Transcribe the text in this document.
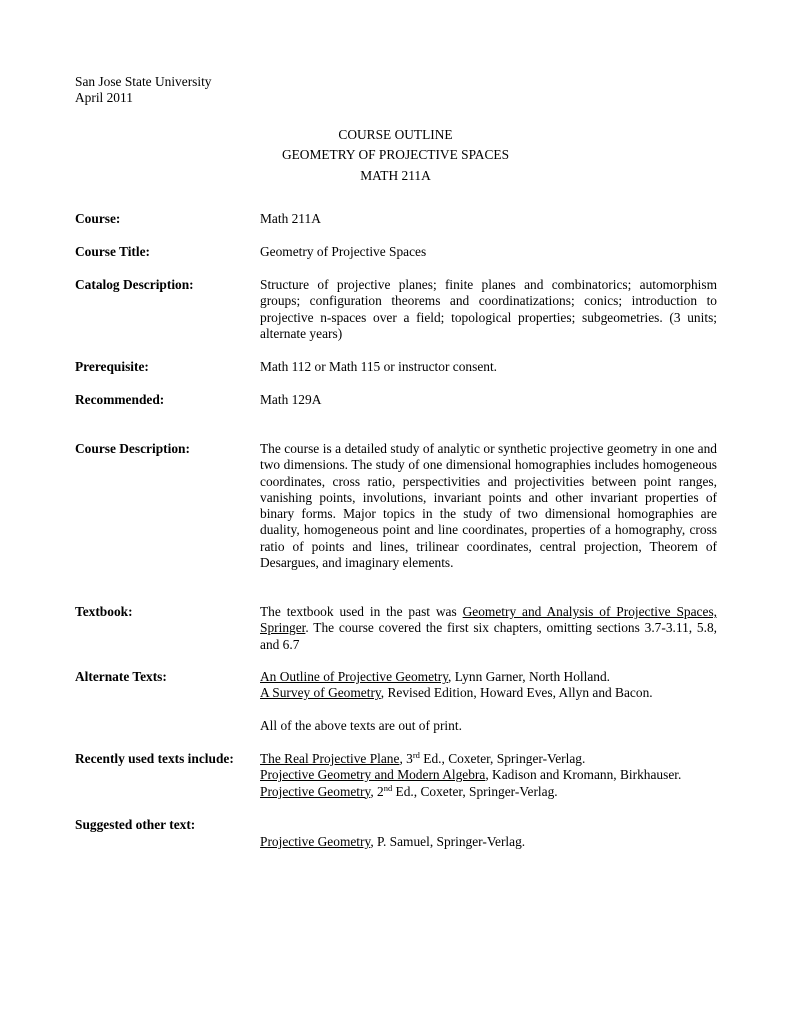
San Jose State University
April 2011
COURSE OUTLINE
GEOMETRY OF PROJECTIVE SPACES
MATH 211A
Course:	Math 211A
Course Title:	Geometry of Projective Spaces
Catalog Description:	Structure of projective planes; finite planes and combinatorics; automorphism groups; configuration theorems and coordinatizations; conics; introduction to projective n-spaces over a field; topological properties; subgeometries. (3 units; alternate years)
Prerequisite:	Math 112 or Math 115 or instructor consent.
Recommended:	Math 129A
Course Description:	The course is a detailed study of analytic or synthetic projective geometry in one and two dimensions. The study of one dimensional homographies includes homogeneous coordinates, cross ratio, perspectivities and projectivities between point ranges, vanishing points, involutions, invariant points and other invariant properties of binary forms. Major topics in the study of two dimensional homographies are duality, homogeneous point and line coordinates, properties of a homography, cross ratio of points and lines, trilinear coordinates, central projection, Theorem of Desargues, and imaginary elements.
Textbook:	The textbook used in the past was Geometry and Analysis of Projective Spaces, Springer. The course covered the first six chapters, omitting sections 3.7-3.11, 5.8, and 6.7
Alternate Texts:	An Outline of Projective Geometry, Lynn Garner, North Holland.
A Survey of Geometry, Revised Edition, Howard Eves, Allyn and Bacon.
All of the above texts are out of print.
Recently used texts include: The Real Projective Plane, 3rd Ed., Coxeter, Springer-Verlag.
Projective Geometry and Modern Algebra, Kadison and Kromann, Birkhauser.
Projective Geometry, 2nd Ed., Coxeter, Springer-Verlag.
Suggested other text:
Projective Geometry, P. Samuel, Springer-Verlag.
